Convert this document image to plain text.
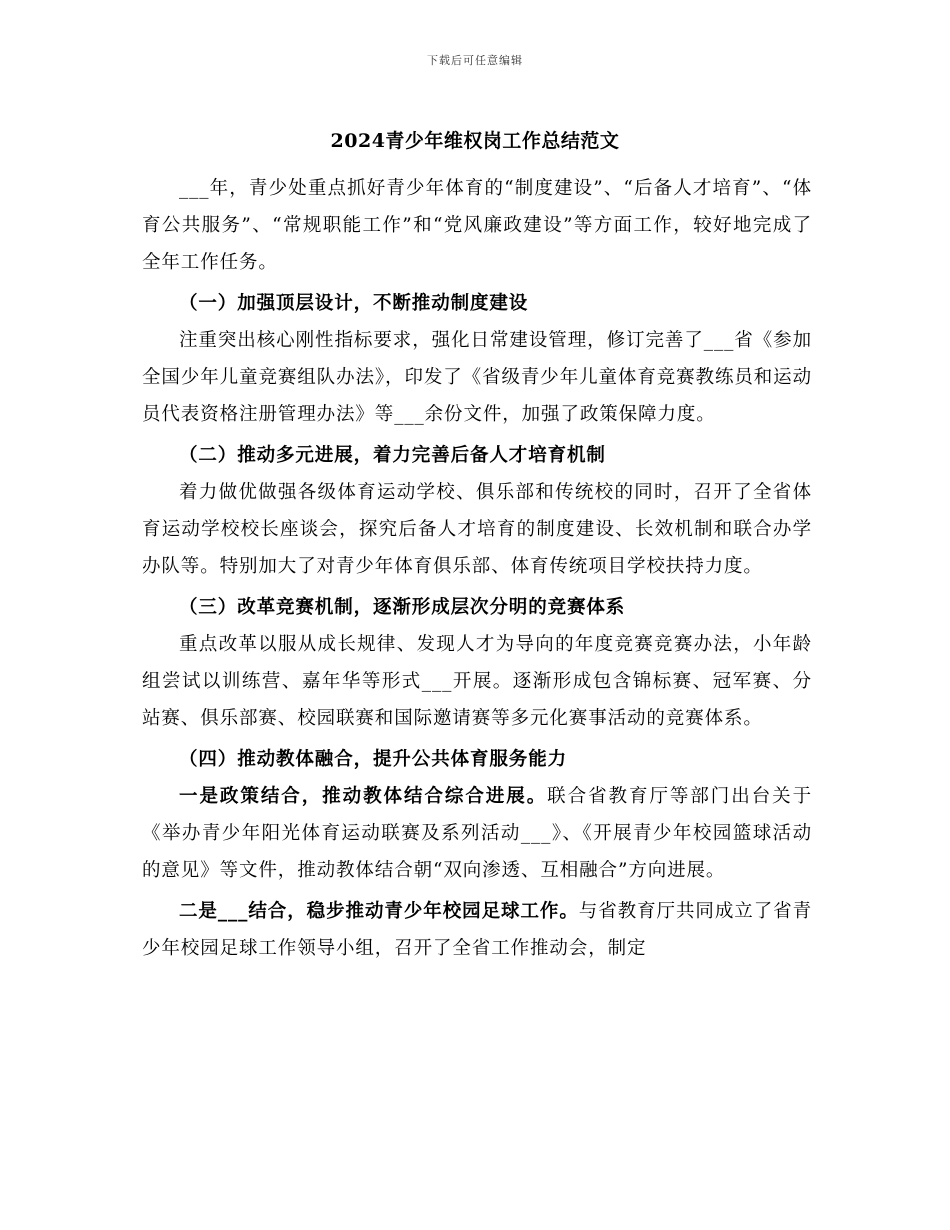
下载后可任意编辑
2024青少年维权岗工作总结范文

___年，青少处重点抓好青少年体育的“制度建设”、“后备人才培育”、“体育公共服务”、“常规职能工作”和“党风廉政建设”等方面工作，较好地完成了全年工作任务。

（一）加强顶层设计，不断推动制度建设

注重突出核心刚性指标要求，强化日常建设管理，修订完善了___省《参加全国少年儿童竞赛组队办法》，印发了《省级青少年儿童体育竞赛教练员和运动员代表资格注册管理办法》等___余份文件，加强了政策保障力度。

（二）推动多元进展，着力完善后备人才培育机制

着力做优做强各级体育运动学校、俱乐部和传统校的同时，召开了全省体育运动学校校长座谈会，探究后备人才培育的制度建设、长效机制和联合办学办队等。特别加大了对青少年体育俱乐部、体育传统项目学校扶持力度。

（三）改革竞赛机制，逐渐形成层次分明的竞赛体系

重点改革以服从成长规律、发现人才为导向的年度竞赛竞赛办法，小年龄组尝试以训练营、嘉年华等形式___开展。逐渐形成包含锦标赛、冠军赛、分站赛、俱乐部赛、校园联赛和国际邀请赛等多元化赛事活动的竞赛体系。

（四）推动教体融合，提升公共体育服务能力

一是政策结合，推动教体结合综合进展。联合省教育厅等部门出台关于《举办青少年阳光体育运动联赛及系列活动___》、《开展青少年校园篮球活动的意见》等文件，推动教体结合朝“双向渗透、互相融合”方向进展。

二是___结合，稳步推动青少年校园足球工作。与省教育厅共同成立了省青少年校园足球工作领导小组，召开了全省工作推动会，制定
